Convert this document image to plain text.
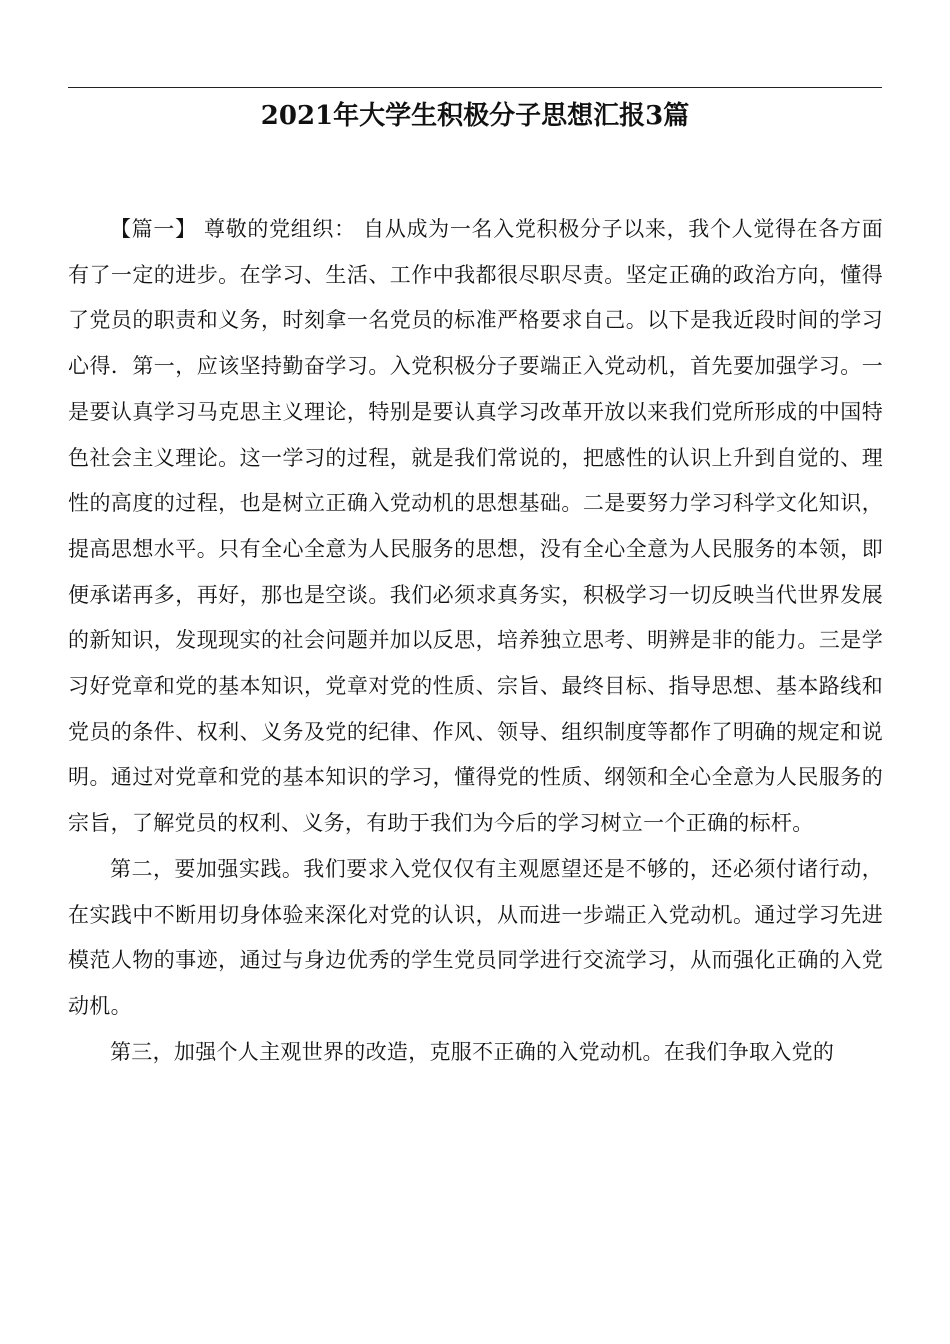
2021年大学生积极分子思想汇报3篇

【篇一】 尊敬的党组织： 自从成为一名入党积极分子以来，我个人觉得在各方面有了一定的进步。在学习、生活、工作中我都很尽职尽责。坚定正确的政治方向，懂得了党员的职责和义务，时刻拿一名党员的标准严格要求自己。以下是我近段时间的学习心得．第一，应该坚持勤奋学习。入党积极分子要端正入党动机，首先要加强学习。一是要认真学习马克思主义理论，特别是要认真学习改革开放以来我们党所形成的中国特色社会主义理论。这一学习的过程，就是我们常说的，把感性的认识上升到自觉的、理性的高度的过程，也是树立正确入党动机的思想基础。二是要努力学习科学文化知识，提高思想水平。只有全心全意为人民服务的思想，没有全心全意为人民服务的本领，即便承诺再多，再好，那也是空谈。我们必须求真务实，积极学习一切反映当代世界发展的新知识，发现现实的社会问题并加以反思，培养独立思考、明辨是非的能力。三是学习好党章和党的基本知识，党章对党的性质、宗旨、最终目标、指导思想、基本路线和党员的条件、权利、义务及党的纪律、作风、领导、组织制度等都作了明确的规定和说明。通过对党章和党的基本知识的学习，懂得党的性质、纲领和全心全意为人民服务的宗旨，了解党员的权利、义务，有助于我们为今后的学习树立一个正确的标杆。

第二，要加强实践。我们要求入党仅仅有主观愿望还是不够的，还必须付诸行动，在实践中不断用切身体验来深化对党的认识，从而进一步端正入党动机。通过学习先进模范人物的事迹，通过与身边优秀的学生党员同学进行交流学习，从而强化正确的入党动机。

第三，加强个人主观世界的改造，克服不正确的入党动机。在我们争取入党的
